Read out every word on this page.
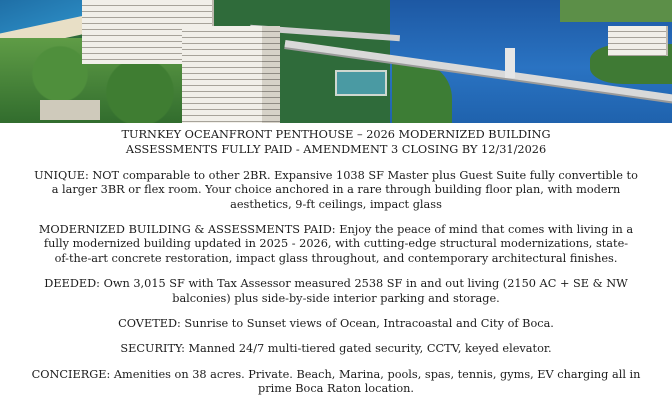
TURNKEY OCEANFRONT PENTHOUSE – 2026 MODERNIZED BUILDING

ASSESSMENTS FULLY PAID - AMENDMENT 3 CLOSING BY 12/31/2026

UNIQUE: NOT comparable to other 2BR. Expansive 1038 SF Master plus Guest Suite fully convertible to

a larger 3BR or flex room. Your choice anchored in a rare through building floor plan, with modern

aesthetics, 9-ft ceilings, impact glass

MODERNIZED BUILDING & ASSESSMENTS PAID: Enjoy the peace of mind that comes with living in a

fully modernized building updated in 2025 - 2026, with cutting-edge structural modernizations, state-

of-the-art concrete restoration, impact glass throughout, and contemporary architectural finishes.

DEEDED: Own 3,015 SF with Tax Assessor measured 2538 SF in and out living (2150 AC + SE & NW

balconies) plus side-by-side interior parking and storage.

COVETED: Sunrise to Sunset views of Ocean, Intracoastal and City of Boca.

SECURITY: Manned 24/7 multi-tiered gated security, CCTV, keyed elevator.

CONCIERGE: Amenities on 38 acres. Private. Beach, Marina, pools, spas, tennis, gyms, EV charging all in

prime Boca Raton location.
